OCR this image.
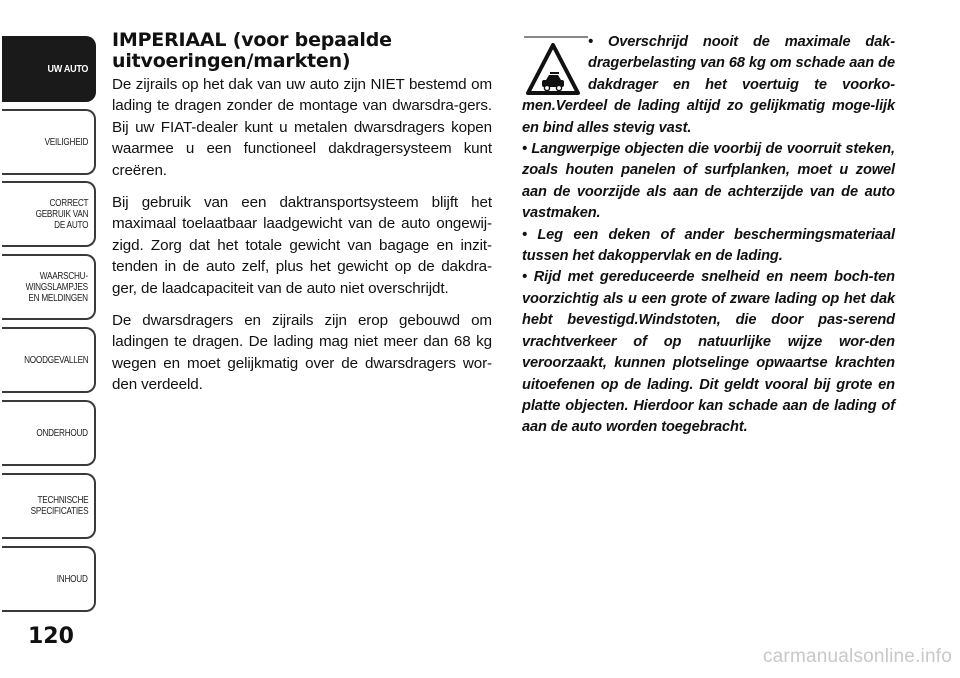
UW AUTO
VEILIGHEID
CORRECT
GEBRUIK VAN
DE AUTO
WAARSCHU-
WINGSLAMPJES
EN MELDINGEN
NOODGEVALLEN
ONDERHOUD
TECHNISCHE
SPECIFICATIES
INHOUD
120
IMPERIAAL (voor bepaalde
uitvoeringen/markten)

De zijrails op het dak van uw auto zijn NIET bestemd om lading te dragen zonder de montage van dwarsdra-gers. Bij uw FIAT-dealer kunt u metalen dwarsdragers kopen waarmee u een functioneel dakdragersysteem kunt creëren.

Bij gebruik van een daktransportsysteem blijft het maximaal toelaatbaar laadgewicht van de auto ongewij-zigd. Zorg dat het totale gewicht van bagage en inzit-tenden in de auto zelf, plus het gewicht op de dakdra-ger, de laadcapaciteit van de auto niet overschrijdt.

De dwarsdragers en zijrails zijn erop gebouwd om ladingen te dragen. De lading mag niet meer dan 68 kg wegen en moet gelijkmatig over de dwarsdragers wor-den verdeeld.

• Overschrijd nooit de maximale dak-dragerbelasting van 68 kg om schade aan de dakdrager en het voertuig te voorko-men.Verdeel de lading altijd zo gelijkmatig moge-lijk en bind alles stevig vast.

• Langwerpige objecten die voorbij de voorruit steken, zoals houten panelen of surfplanken, moet u zowel aan de voorzijde als aan de achterzijde van de auto vastmaken.

• Leg een deken of ander beschermingsmateriaal tussen het dakoppervlak en de lading.

• Rijd met gereduceerde snelheid en neem boch-ten voorzichtig als u een grote of zware lading op het dak hebt bevestigd.Windstoten, die door pas-serend vrachtverkeer of op natuurlijke wijze wor-den veroorzaakt, kunnen plotselinge opwaartse krachten uitoefenen op de lading. Dit geldt vooral bij grote en platte objecten. Hierdoor kan schade aan de lading of aan de auto worden toegebracht.

carmanualsonline.info
